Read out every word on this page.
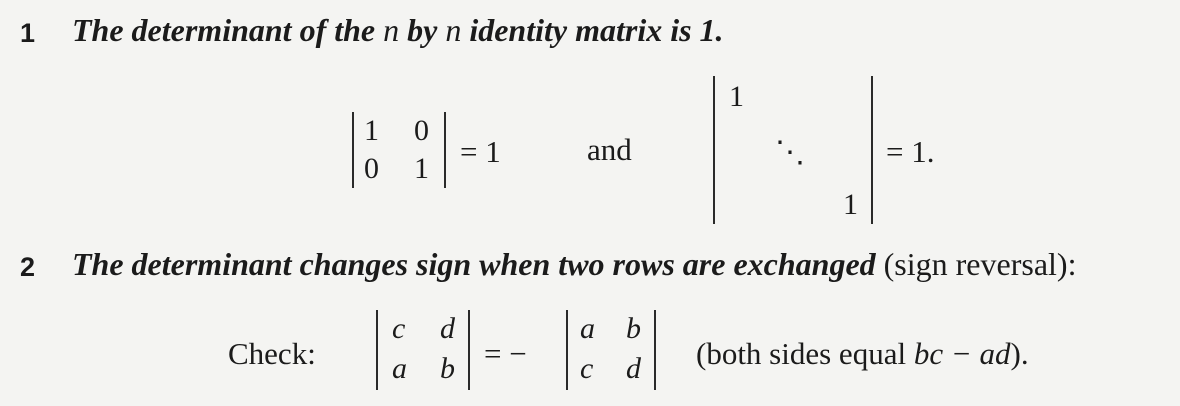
1 The determinant of the n by n identity matrix is 1.
1 0
0 1 = 1	and
1
⋱
1
= 1.
2 The determinant changes sign when two rows are exchanged (sign reversal):
Check:
c d
a b = −
a b
c d (both sides equal bc − ad).
